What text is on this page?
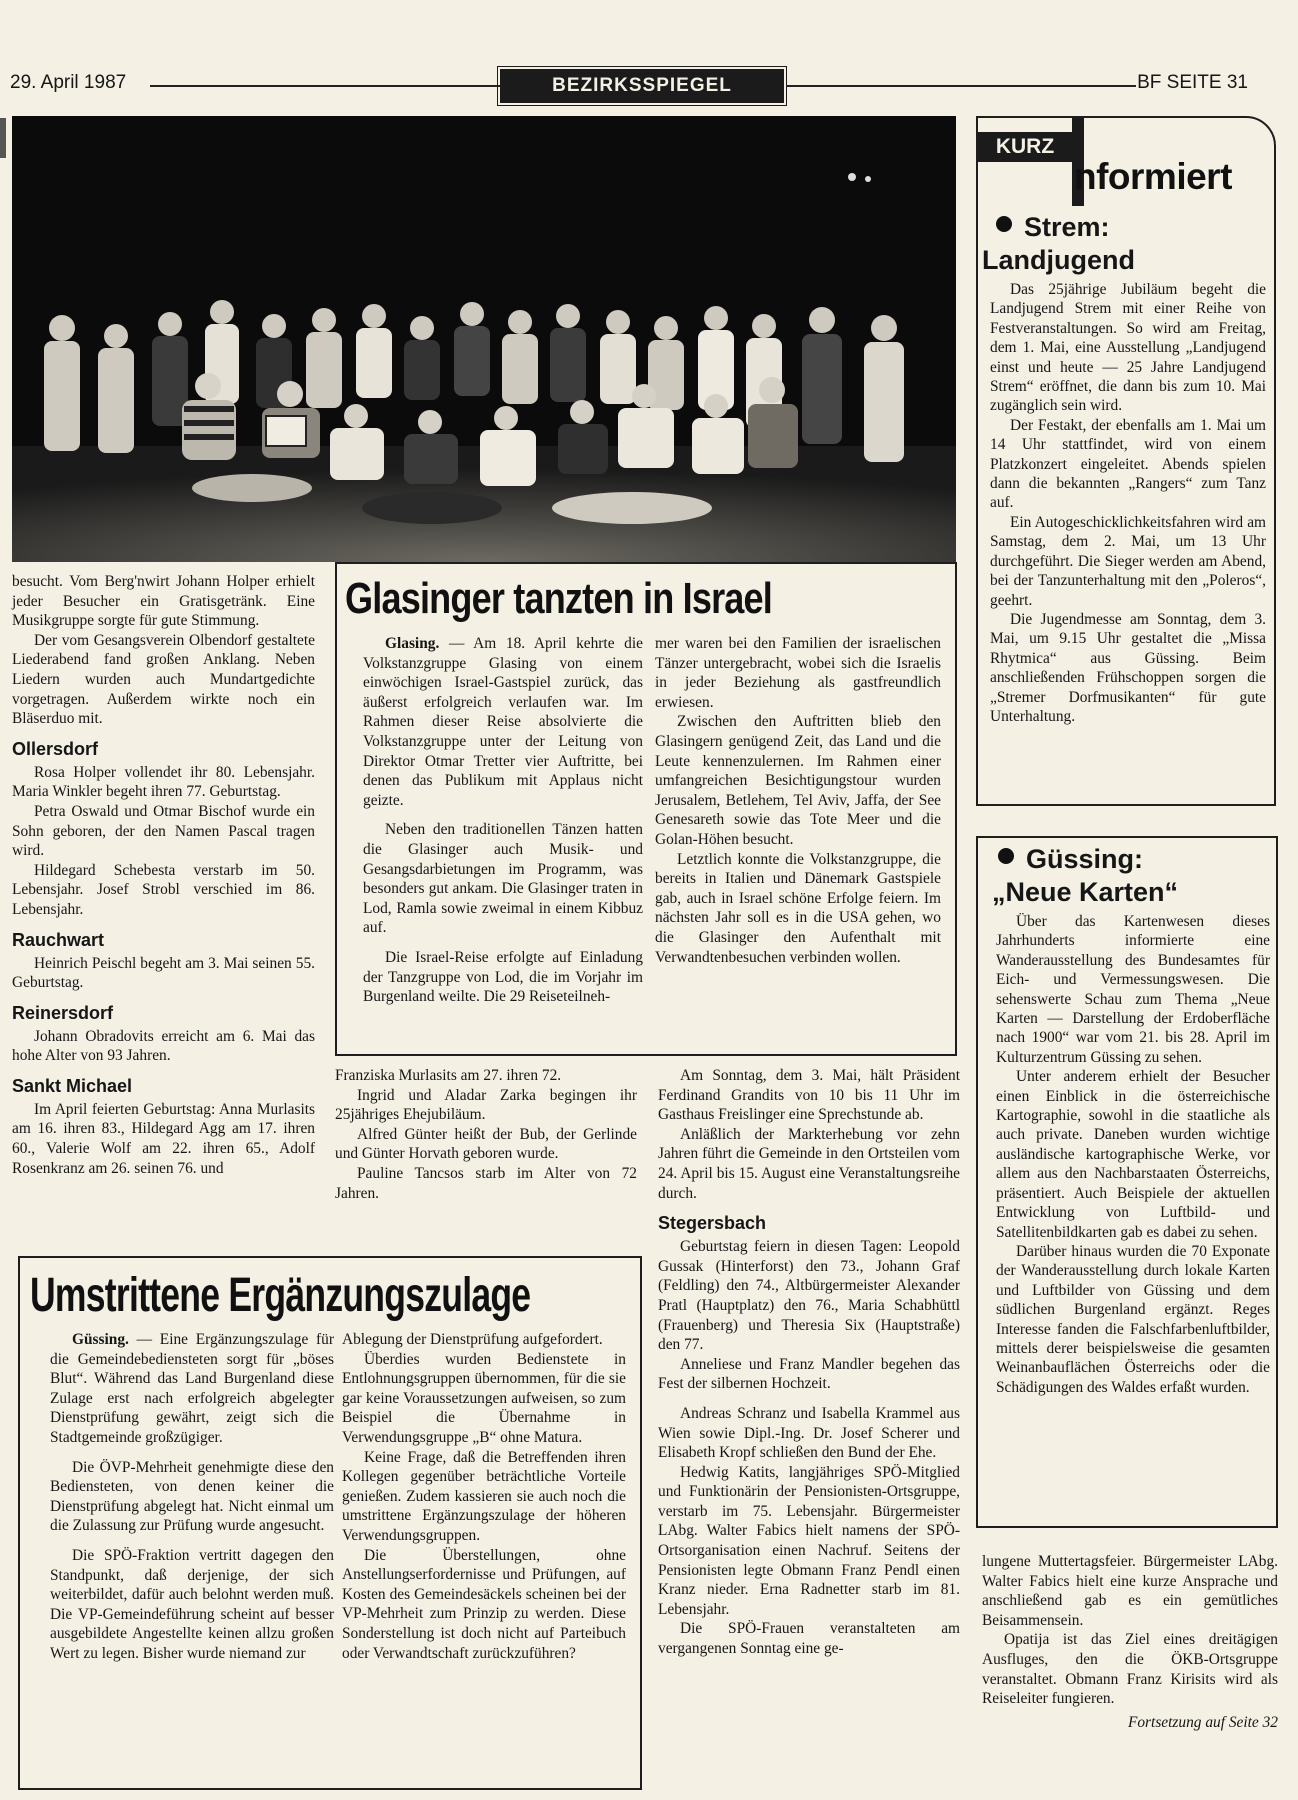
29. April 1987	BEZIRKSSPIEGEL	BF SEITE 31

besucht. Vom Berg'nwirt Johann Holper erhielt jeder Besucher ein Gratisgetränk. Eine Musikgruppe sorgte für gute Stimmung.

Der vom Gesangsverein Olbendorf gestaltete Liederabend fand großen Anklang. Neben Liedern wurden auch Mundartgedichte vorgetragen. Außerdem wirkte noch ein Bläserduo mit.

Ollersdorf

Rosa Holper vollendet ihr 80. Lebensjahr. Maria Winkler begeht ihren 77. Geburtstag.

Petra Oswald und Otmar Bischof wurde ein Sohn geboren, der den Namen Pascal tragen wird.

Hildegard Schebesta verstarb im 50. Lebensjahr. Josef Strobl verschied im 86. Lebensjahr.

Rauchwart

Heinrich Peischl begeht am 3. Mai seinen 55. Geburtstag.

Reinersdorf

Johann Obradovits erreicht am 6. Mai das hohe Alter von 93 Jahren.

Sankt Michael

Im April feierten Geburtstag: Anna Murlasits am 16. ihren 83., Hildegard Agg am 17. ihren 60., Valerie Wolf am 22. ihren 65., Adolf Rosenkranz am 26. seinen 76. und

Glasinger tanzten in Israel

Glasing. — Am 18. April kehrte die Volkstanzgruppe Glasing von einem einwöchigen Israel-Gastspiel zurück, das äußerst erfolgreich verlaufen war. Im Rahmen dieser Reise absolvierte die Volkstanzgruppe unter der Leitung von Direktor Otmar Tretter vier Auftritte, bei denen das Publikum mit Applaus nicht geizte.

Neben den traditionellen Tänzen hatten die Glasinger auch Musik- und Gesangsdarbietungen im Programm, was besonders gut ankam. Die Glasinger traten in Lod, Ramla sowie zweimal in einem Kibbuz auf.

Die Israel-Reise erfolgte auf Einladung der Tanzgruppe von Lod, die im Vorjahr im Burgenland weilte. Die 29 Reiseteilneh-

mer waren bei den Familien der israelischen Tänzer untergebracht, wobei sich die Israelis in jeder Beziehung als gastfreundlich erwiesen.

Zwischen den Auftritten blieb den Glasingern genügend Zeit, das Land und die Leute kennenzulernen. Im Rahmen einer umfangreichen Besichtigungstour wurden Jerusalem, Betlehem, Tel Aviv, Jaffa, der See Genesareth sowie das Tote Meer und die Golan-Höhen besucht.

Letztlich konnte die Volkstanzgruppe, die bereits in Italien und Dänemark Gastspiele gab, auch in Israel schöne Erfolge feiern. Im nächsten Jahr soll es in die USA gehen, wo die Glasinger den Aufenthalt mit Verwandtenbesuchen verbinden wollen.

Franziska Murlasits am 27. ihren 72.

Ingrid und Aladar Zarka begingen ihr 25jähriges Ehejubiläum.

Alfred Günter heißt der Bub, der Gerlinde und Günter Horvath geboren wurde.

Pauline Tancsos starb im Alter von 72 Jahren.

Am Sonntag, dem 3. Mai, hält Präsident Ferdinand Grandits von 10 bis 11 Uhr im Gasthaus Freislinger eine Sprechstunde ab.

Anläßlich der Markterhebung vor zehn Jahren führt die Gemeinde in den Ortsteilen vom 24. April bis 15. August eine Veranstaltungsreihe durch.

Stegersbach

Geburtstag feiern in diesen Tagen: Leopold Gussak (Hinterforst) den 73., Johann Graf (Feldling) den 74., Altbürgermeister Alexander Pratl (Hauptplatz) den 76., Maria Schabhüttl (Frauenberg) und Theresia Six (Hauptstraße) den 77.

Anneliese und Franz Mandler begehen das Fest der silbernen Hochzeit.

Andreas Schranz und Isabella Krammel aus Wien sowie Dipl.-Ing. Dr. Josef Scherer und Elisabeth Kropf schließen den Bund der Ehe.

Hedwig Katits, langjähriges SPÖ-Mitglied und Funktionärin der Pensionisten-Ortsgruppe, verstarb im 75. Lebensjahr. Bürgermeister LAbg. Walter Fabics hielt namens der SPÖ-Ortsorganisation einen Nachruf. Seitens der Pensionisten legte Obmann Franz Pendl einen Kranz nieder. Erna Radnetter starb im 81. Lebensjahr.

Die SPÖ-Frauen veranstalteten am vergangenen Sonntag eine ge-

Umstrittene Ergänzungszulage

Güssing. — Eine Ergänzungszulage für die Gemeindebediensteten sorgt für „böses Blut“. Während das Land Burgenland diese Zulage erst nach erfolgreich abgelegter Dienstprüfung gewährt, zeigt sich die Stadtgemeinde großzügiger.

Die ÖVP-Mehrheit genehmigte diese den Bediensteten, von denen keiner die Dienstprüfung abgelegt hat. Nicht einmal um die Zulassung zur Prüfung wurde angesucht.

Die SPÖ-Fraktion vertritt dagegen den Standpunkt, daß derjenige, der sich weiterbildet, dafür auch belohnt werden muß. Die VP-Gemeindeführung scheint auf besser ausgebildete Angestellte keinen allzu großen Wert zu legen. Bisher wurde niemand zur

Ablegung der Dienstprüfung aufgefordert.

Überdies wurden Bedienstete in Entlohnungsgruppen übernommen, für die sie gar keine Voraussetzungen aufweisen, so zum Beispiel die Übernahme in Verwendungsgruppe „B“ ohne Matura.

Keine Frage, daß die Betreffenden ihren Kollegen gegenüber beträchtliche Vorteile genießen. Zudem kassieren sie auch noch die umstrittene Ergänzungszulage der höheren Verwendungsgruppen.

Die Überstellungen, ohne Anstellungserfordernisse und Prüfungen, auf Kosten des Gemeindesäckels scheinen bei der VP-Mehrheit zum Prinzip zu werden. Diese Sonderstellung ist doch nicht auf Parteibuch oder Verwandtschaft zurückzuführen?

KURZ
nformiert
Strem:
Landjugend

Das 25jährige Jubiläum begeht die Landjugend Strem mit einer Reihe von Festveranstaltungen. So wird am Freitag, dem 1. Mai, eine Ausstellung „Landjugend einst und heute — 25 Jahre Landjugend Strem“ eröffnet, die dann bis zum 10. Mai zugänglich sein wird.

Der Festakt, der ebenfalls am 1. Mai um 14 Uhr stattfindet, wird von einem Platzkonzert eingeleitet. Abends spielen dann die bekannten „Rangers“ zum Tanz auf.

Ein Autogeschicklichkeitsfahren wird am Samstag, dem 2. Mai, um 13 Uhr durchgeführt. Die Sieger werden am Abend, bei der Tanzunterhaltung mit den „Poleros“, geehrt.

Die Jugendmesse am Sonntag, dem 3. Mai, um 9.15 Uhr gestaltet die „Missa Rhytmica“ aus Güssing. Beim anschließenden Frühschoppen sorgen die „Stremer Dorfmusikanten“ für gute Unterhaltung.

Güssing:
„Neue Karten“

Über das Kartenwesen dieses Jahrhunderts informierte eine Wanderausstellung des Bundesamtes für Eich- und Vermessungswesen. Die sehenswerte Schau zum Thema „Neue Karten — Darstellung der Erdoberfläche nach 1900“ war vom 21. bis 28. April im Kulturzentrum Güssing zu sehen.

Unter anderem erhielt der Besucher einen Einblick in die österreichische Kartographie, sowohl in die staatliche als auch private. Daneben wurden wichtige ausländische kartographische Werke, vor allem aus den Nachbarstaaten Österreichs, präsentiert. Auch Beispiele der aktuellen Entwicklung von Luftbild- und Satellitenbildkarten gab es dabei zu sehen.

Darüber hinaus wurden die 70 Exponate der Wanderausstellung durch lokale Karten und Luftbilder von Güssing und dem südlichen Burgenland ergänzt. Reges Interesse fanden die Falschfarbenluftbilder, mittels derer beispielsweise die gesamten Weinanbauflächen Österreichs oder die Schädigungen des Waldes erfaßt wurden.

lungene Muttertagsfeier. Bürgermeister LAbg. Walter Fabics hielt eine kurze Ansprache und anschließend gab es ein gemütliches Beisammensein.

Opatija ist das Ziel eines dreitägigen Ausfluges, den die ÖKB-Ortsgruppe veranstaltet. Obmann Franz Kirisits wird als Reiseleiter fungieren.

Fortsetzung auf Seite 32
